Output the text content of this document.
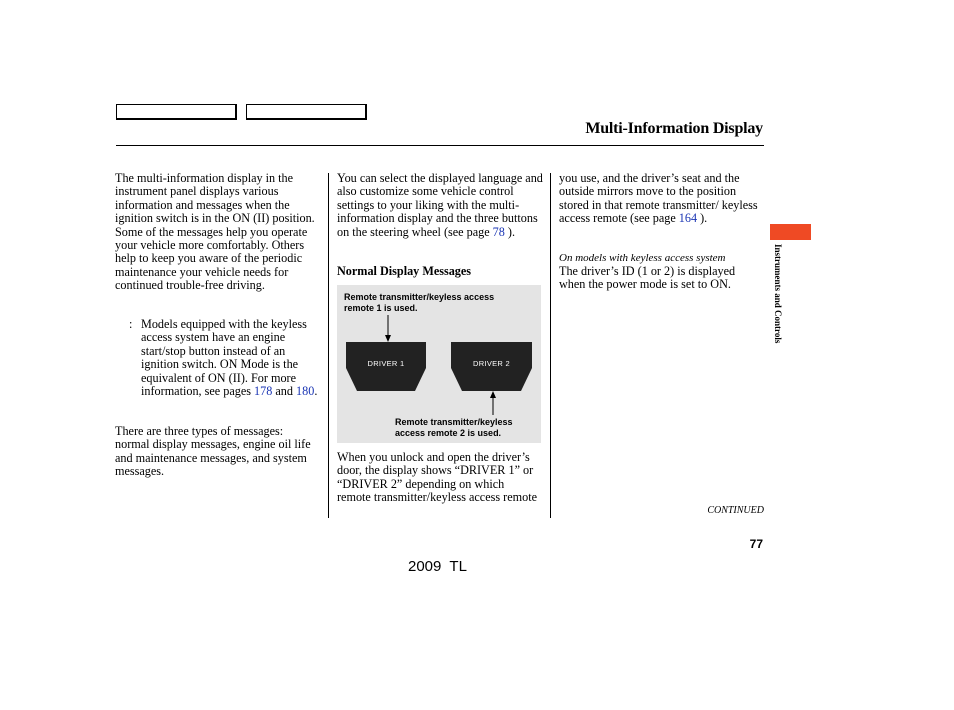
Multi-Information Display

The multi-information display in the instrument panel displays various information and messages when the ignition switch is in the ON (II) position. Some of the messages help you operate your vehicle more comfortably. Others help to keep you aware of the periodic maintenance your vehicle needs for continued trouble-free driving.

: Models equipped with the keyless access system have an engine start/stop button instead of an ignition switch. ON Mode is the equivalent of ON (II). For more information, see pages 178 and 180.

There are three types of messages: normal display messages, engine oil life and maintenance messages, and system messages.

You can select the displayed language and also customize some vehicle control settings to your liking with the multi-information display and the three buttons on the steering wheel (see page 78 ).

Normal Display Messages
Remote transmitter/keyless access remote 1 is used.
DRIVER 1	DRIVER 2
Remote transmitter/keyless access remote 2 is used.

When you unlock and open the driver’s door, the display shows “DRIVER 1” or “DRIVER 2” depending on which remote transmitter/keyless access remote

you use, and the driver’s seat and the outside mirrors move to the position stored in that remote transmitter/ keyless access remote (see page 164 ).

On models with keyless access system

The driver’s ID (1 or 2) is displayed when the power mode is set to ON.	Instruments and Controls
CONTINUED
77
2009  TL
